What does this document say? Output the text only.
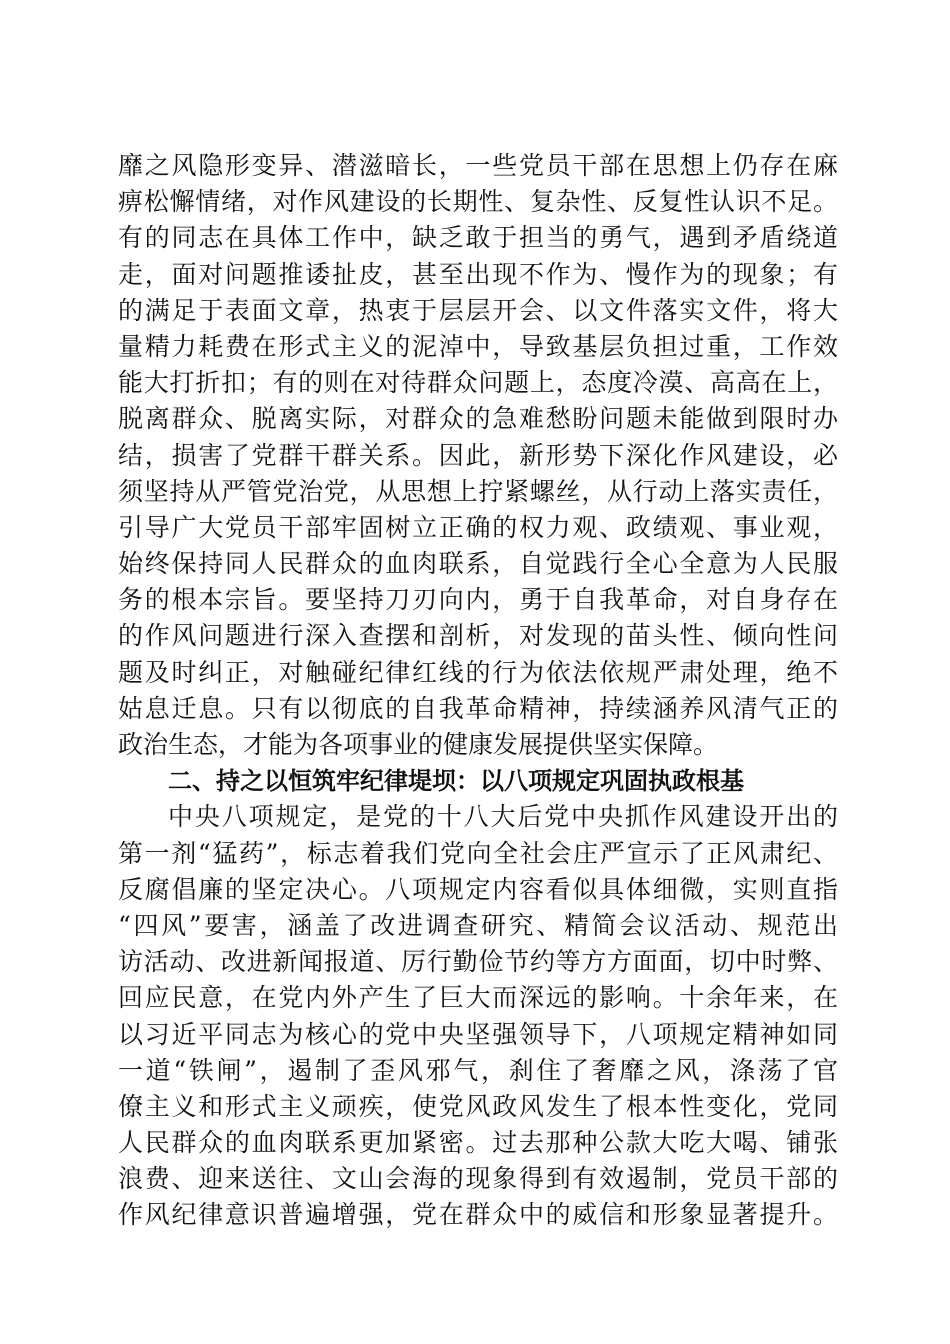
靡之风隐形变异、潜滋暗长，一些党员干部在思想上仍存在麻
痹松懈情绪，对作风建设的长期性、复杂性、反复性认识不足。
有的同志在具体工作中，缺乏敢于担当的勇气，遇到矛盾绕道
走，面对问题推诿扯皮，甚至出现不作为、慢作为的现象；有
的满足于表面文章，热衷于层层开会、以文件落实文件，将大
量精力耗费在形式主义的泥淖中，导致基层负担过重，工作效
能大打折扣；有的则在对待群众问题上，态度冷漠、高高在上，
脱离群众、脱离实际，对群众的急难愁盼问题未能做到限时办
结，损害了党群干群关系。因此，新形势下深化作风建设，必
须坚持从严管党治党，从思想上拧紧螺丝，从行动上落实责任，
引导广大党员干部牢固树立正确的权力观、政绩观、事业观，
始终保持同人民群众的血肉联系，自觉践行全心全意为人民服
务的根本宗旨。要坚持刀刃向内，勇于自我革命，对自身存在
的作风问题进行深入查摆和剖析，对发现的苗头性、倾向性问
题及时纠正，对触碰纪律红线的行为依法依规严肃处理，绝不
姑息迁息。只有以彻底的自我革命精神，持续涵养风清气正的
政治生态，才能为各项事业的健康发展提供坚实保障。
二、持之以恒筑牢纪律堤坝：以八项规定巩固执政根基
中央八项规定，是党的十八大后党中央抓作风建设开出的
第一剂“猛药”，标志着我们党向全社会庄严宣示了正风肃纪、
反腐倡廉的坚定决心。八项规定内容看似具体细微，实则直指
“四风”要害，涵盖了改进调查研究、精简会议活动、规范出
访活动、改进新闻报道、厉行勤俭节约等方方面面，切中时弊、
回应民意，在党内外产生了巨大而深远的影响。十余年来，在
以习近平同志为核心的党中央坚强领导下，八项规定精神如同
一道“铁闸”，遏制了歪风邪气，刹住了奢靡之风，涤荡了官
僚主义和形式主义顽疾，使党风政风发生了根本性变化，党同
人民群众的血肉联系更加紧密。过去那种公款大吃大喝、铺张
浪费、迎来送往、文山会海的现象得到有效遏制，党员干部的
作风纪律意识普遍增强，党在群众中的威信和形象显著提升。
